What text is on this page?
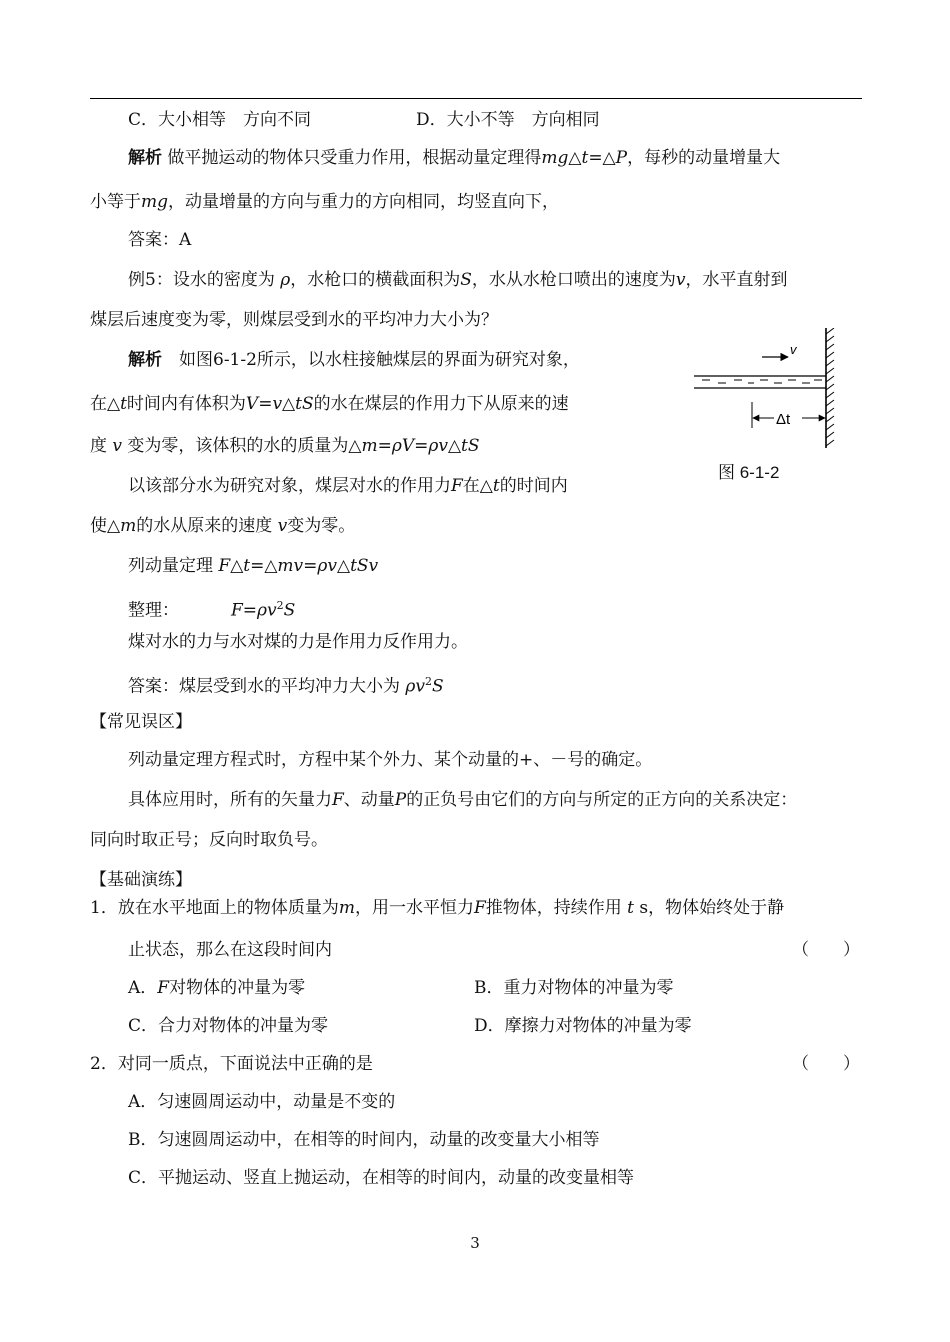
C．大小相等　方向不同	D．大小不等　方向相同
解析 做平抛运动的物体只受重力作用，根据动量定理得mg△t=△P，每秒的动量增量大
小等于mg，动量增量的方向与重力的方向相同，均竖直向下，
答案：A
例5：设水的密度为 ρ，水枪口的横截面积为S，水从水枪口喷出的速度为v，水平直射到
煤层后速度变为零，则煤层受到水的平均冲力大小为？
解析　如图6-1-2所示，以水柱接触煤层的界面为研究对象，
在△t时间内有体积为V=v△tS的水在煤层的作用力下从原来的速
度 v 变为零，该体积的水的质量为△m=ρV=ρv△tS
以该部分水为研究对象，煤层对水的作用力F在△t的时间内
使△m的水从原来的速度 v变为零。
列动量定理 F△t=△mv=ρv△tSv
整理：	$F=\rho v^2S$
煤对水的力与水对煤的力是作用力反作用力。
答案：煤层受到水的平均冲力大小为 $\rho v^2S$
v
Δt
图 6-1-2
【常见误区】
列动量定理方程式时，方程中某个外力、某个动量的+、－号的确定。
具体应用时，所有的矢量力F、动量P的正负号由它们的方向与所定的正方向的关系决定：
同向时取正号；反向时取负号。
【基础演练】
1．放在水平地面上的物体质量为m，用一水平恒力F推物体，持续作用 t s，物体始终处于静
止状态，那么在这段时间内	（　　）
A．F对物体的冲量为零	B．重力对物体的冲量为零
C．合力对物体的冲量为零	D．摩擦力对物体的冲量为零
2．对同一质点，下面说法中正确的是	（　　）
A．匀速圆周运动中，动量是不变的
B．匀速圆周运动中，在相等的时间内，动量的改变量大小相等
C．平抛运动、竖直上抛运动，在相等的时间内，动量的改变量相等
3
